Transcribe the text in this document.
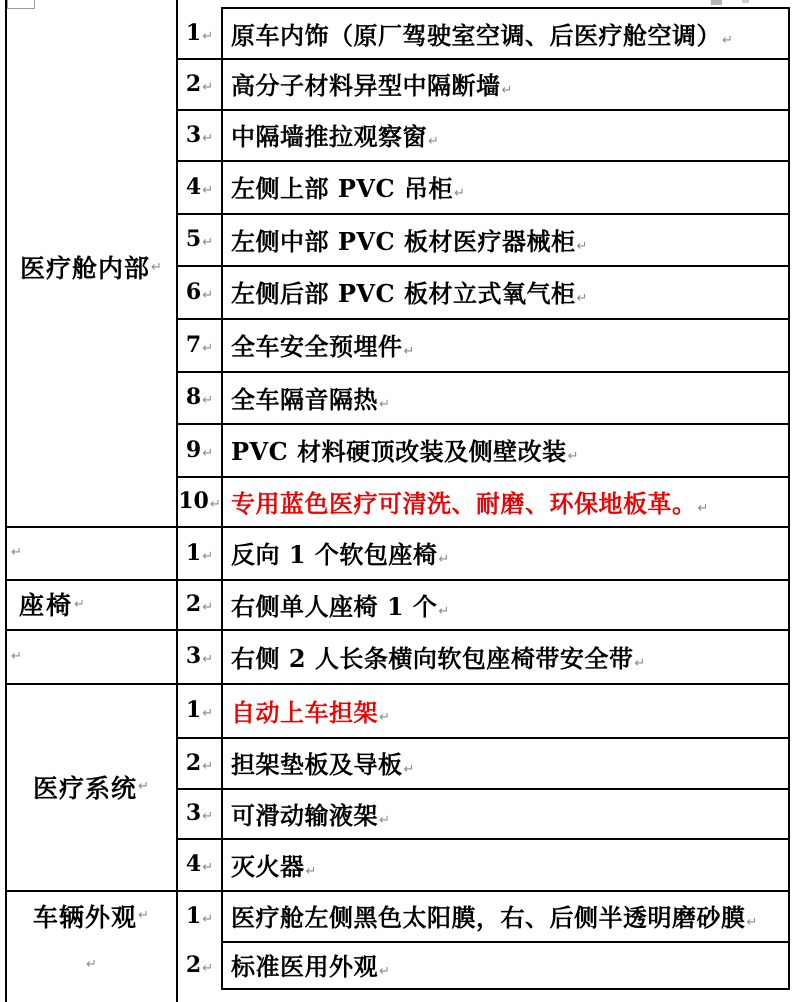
医疗舱内部 ↵
↵
座椅 ↵
↵
医疗系统 ↵
车辆外观 ↵
↵
1↵ 原车内饰（原厂驾驶室空调、后医疗舱空调）↵
2↵ 高分子材料异型中隔断墙↵
3↵ 中隔墙推拉观察窗↵
4↵ 左侧上部 PVC 吊柜↵
5↵ 左侧中部 PVC 板材医疗器械柜↵
6↵ 左侧后部 PVC 板材立式氧气柜↵
7↵ 全车安全预埋件↵
8↵ 全车隔音隔热↵
9↵ PVC 材料硬顶改装及侧壁改装↵
10↵ 专用蓝色医疗可清洗、耐磨、环保地板革。↵
1↵ 反向 1 个软包座椅↵
2↵ 右侧单人座椅 1 个↵
3↵ 右侧 2 人长条横向软包座椅带安全带↵
1↵ 自动上车担架↵
2↵ 担架垫板及导板↵
3↵ 可滑动输液架↵
4↵ 灭火器↵
1↵ 医疗舱左侧黑色太阳膜，右、后侧半透明磨砂膜↵
2↵ 标准医用外观↵
